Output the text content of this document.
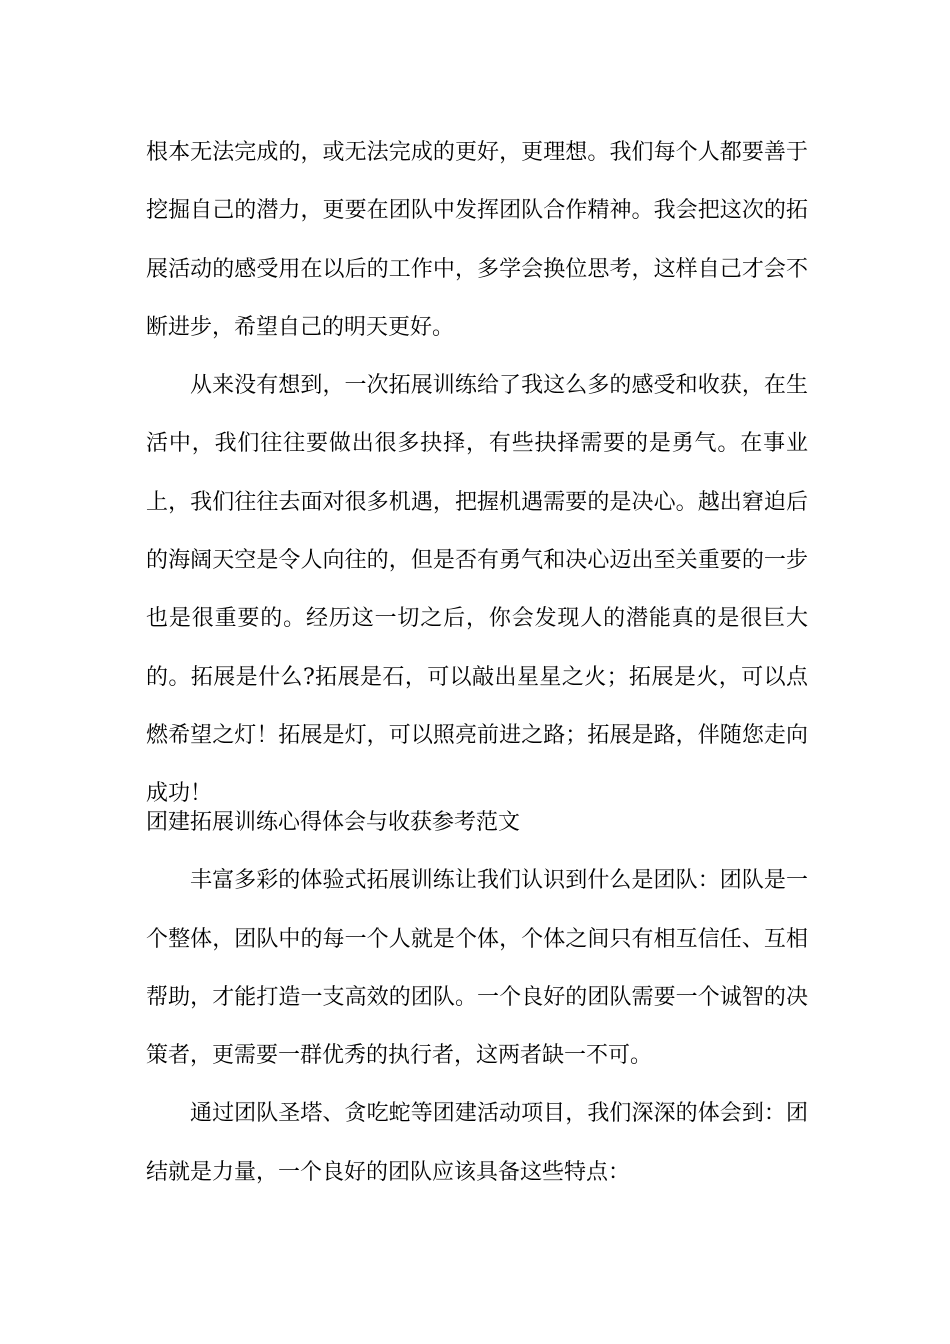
根本无法完成的，或无法完成的更好，更理想。我们每个人都要善于挖掘自己的潜力，更要在团队中发挥团队合作精神。我会把这次的拓展活动的感受用在以后的工作中，多学会换位思考，这样自己才会不断进步，希望自己的明天更好。

从来没有想到，一次拓展训练给了我这么多的感受和收获，在生活中，我们往往要做出很多抉择，有些抉择需要的是勇气。在事业上，我们往往去面对很多机遇，把握机遇需要的是决心。越出窘迫后的海阔天空是令人向往的，但是否有勇气和决心迈出至关重要的一步也是很重要的。经历这一切之后，你会发现人的潜能真的是很巨大的。拓展是什么?拓展是石，可以敲出星星之火；拓展是火，可以点燃希望之灯！拓展是灯，可以照亮前进之路；拓展是路，伴随您走向成功！

团建拓展训练心得体会与收获参考范文

丰富多彩的体验式拓展训练让我们认识到什么是团队：团队是一个整体，团队中的每一个人就是个体，个体之间只有相互信任、互相帮助，才能打造一支高效的团队。一个良好的团队需要一个诚智的决策者，更需要一群优秀的执行者，这两者缺一不可。

通过团队圣塔、贪吃蛇等团建活动项目，我们深深的体会到：团结就是力量，一个良好的团队应该具备这些特点：
